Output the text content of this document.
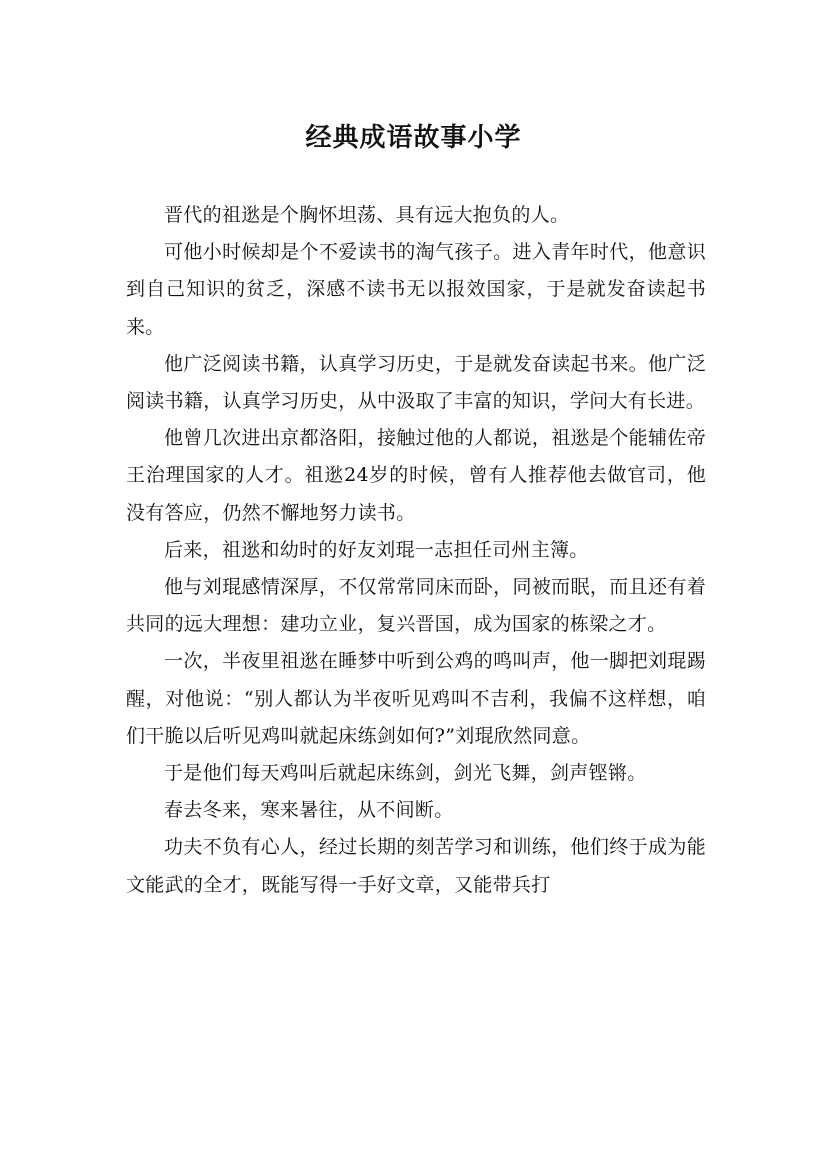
经典成语故事小学

晋代的祖逖是个胸怀坦荡、具有远大抱负的人。

可他小时候却是个不爱读书的淘气孩子。进入青年时代，他意识到自己知识的贫乏，深感不读书无以报效国家，于是就发奋读起书来。

他广泛阅读书籍，认真学习历史，于是就发奋读起书来。他广泛阅读书籍，认真学习历史，从中汲取了丰富的知识，学问大有长进。

他曾几次进出京都洛阳，接触过他的人都说，祖逖是个能辅佐帝王治理国家的人才。祖逖24岁的时候，曾有人推荐他去做官司，他没有答应，仍然不懈地努力读书。

后来，祖逖和幼时的好友刘琨一志担任司州主簿。

他与刘琨感情深厚，不仅常常同床而卧，同被而眠，而且还有着共同的远大理想：建功立业，复兴晋国，成为国家的栋梁之才。

一次，半夜里祖逖在睡梦中听到公鸡的鸣叫声，他一脚把刘琨踢醒，对他说：“别人都认为半夜听见鸡叫不吉利，我偏不这样想，咱们干脆以后听见鸡叫就起床练剑如何?”刘琨欣然同意。

于是他们每天鸡叫后就起床练剑，剑光飞舞，剑声铿锵。

春去冬来，寒来暑往，从不间断。

功夫不负有心人，经过长期的刻苦学习和训练，他们终于成为能文能武的全才，既能写得一手好文章，又能带兵打
